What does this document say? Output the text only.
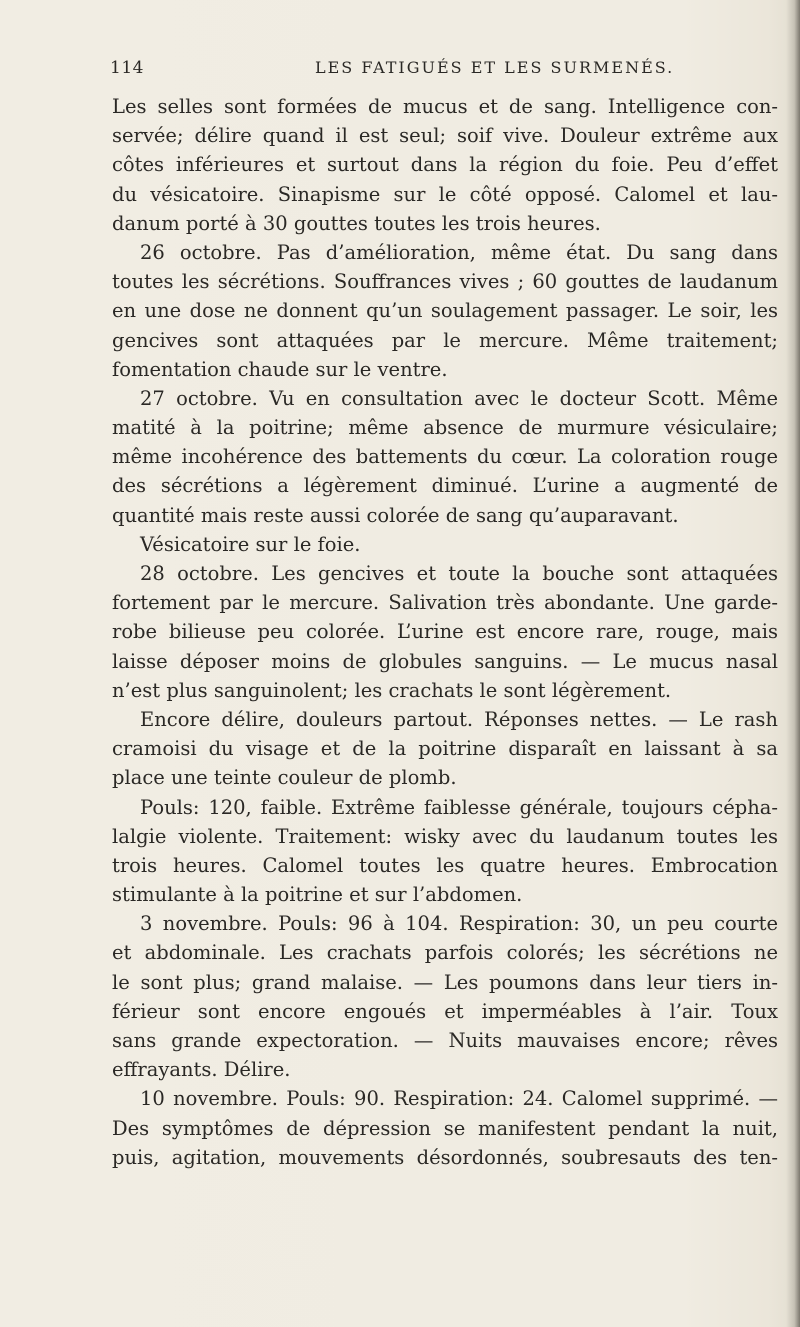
114	LES FATIGUÉS ET LES SURMENÉS.
Les selles sont formées de mucus et de sang. Intelligence con-
servée; délire quand il est seul; soif vive. Douleur extrême aux
côtes inférieures et surtout dans la région du foie. Peu d’effet
du vésicatoire. Sinapisme sur le côté opposé. Calomel et lau-
danum porté à 30 gouttes toutes les trois heures.
26 octobre. Pas d’amélioration, même état. Du sang dans
toutes les sécrétions. Souffrances vives ; 60 gouttes de laudanum
en une dose ne donnent qu’un soulagement passager. Le soir, les
gencives sont attaquées par le mercure. Même traitement;
fomentation chaude sur le ventre.
27 octobre. Vu en consultation avec le docteur Scott. Même
matité à la poitrine; même absence de murmure vésiculaire;
même incohérence des battements du cœur. La coloration rouge
des sécrétions a légèrement diminué. L’urine a augmenté de
quantité mais reste aussi colorée de sang qu’auparavant.
Vésicatoire sur le foie.
28 octobre. Les gencives et toute la bouche sont attaquées
fortement par le mercure. Salivation très abondante. Une garde-
robe bilieuse peu colorée. L’urine est encore rare, rouge, mais
laisse déposer moins de globules sanguins. — Le mucus nasal
n’est plus sanguinolent; les crachats le sont légèrement.
Encore délire, douleurs partout. Réponses nettes. — Le rash
cramoisi du visage et de la poitrine disparaît en laissant à sa
place une teinte couleur de plomb.
Pouls: 120, faible. Extrême faiblesse générale, toujours cépha-
lalgie violente. Traitement: wisky avec du laudanum toutes les
trois heures. Calomel toutes les quatre heures. Embrocation
stimulante à la poitrine et sur l’abdomen.
3 novembre. Pouls: 96 à 104. Respiration: 30, un peu courte
et abdominale. Les crachats parfois colorés; les sécrétions ne
le sont plus; grand malaise. — Les poumons dans leur tiers in-
férieur sont encore engoués et imperméables à l’air. Toux
sans grande expectoration. — Nuits mauvaises encore; rêves
effrayants. Délire.
10 novembre. Pouls: 90. Respiration: 24. Calomel supprimé. —
Des symptômes de dépression se manifestent pendant la nuit,
puis, agitation, mouvements désordonnés, soubresauts des ten-
